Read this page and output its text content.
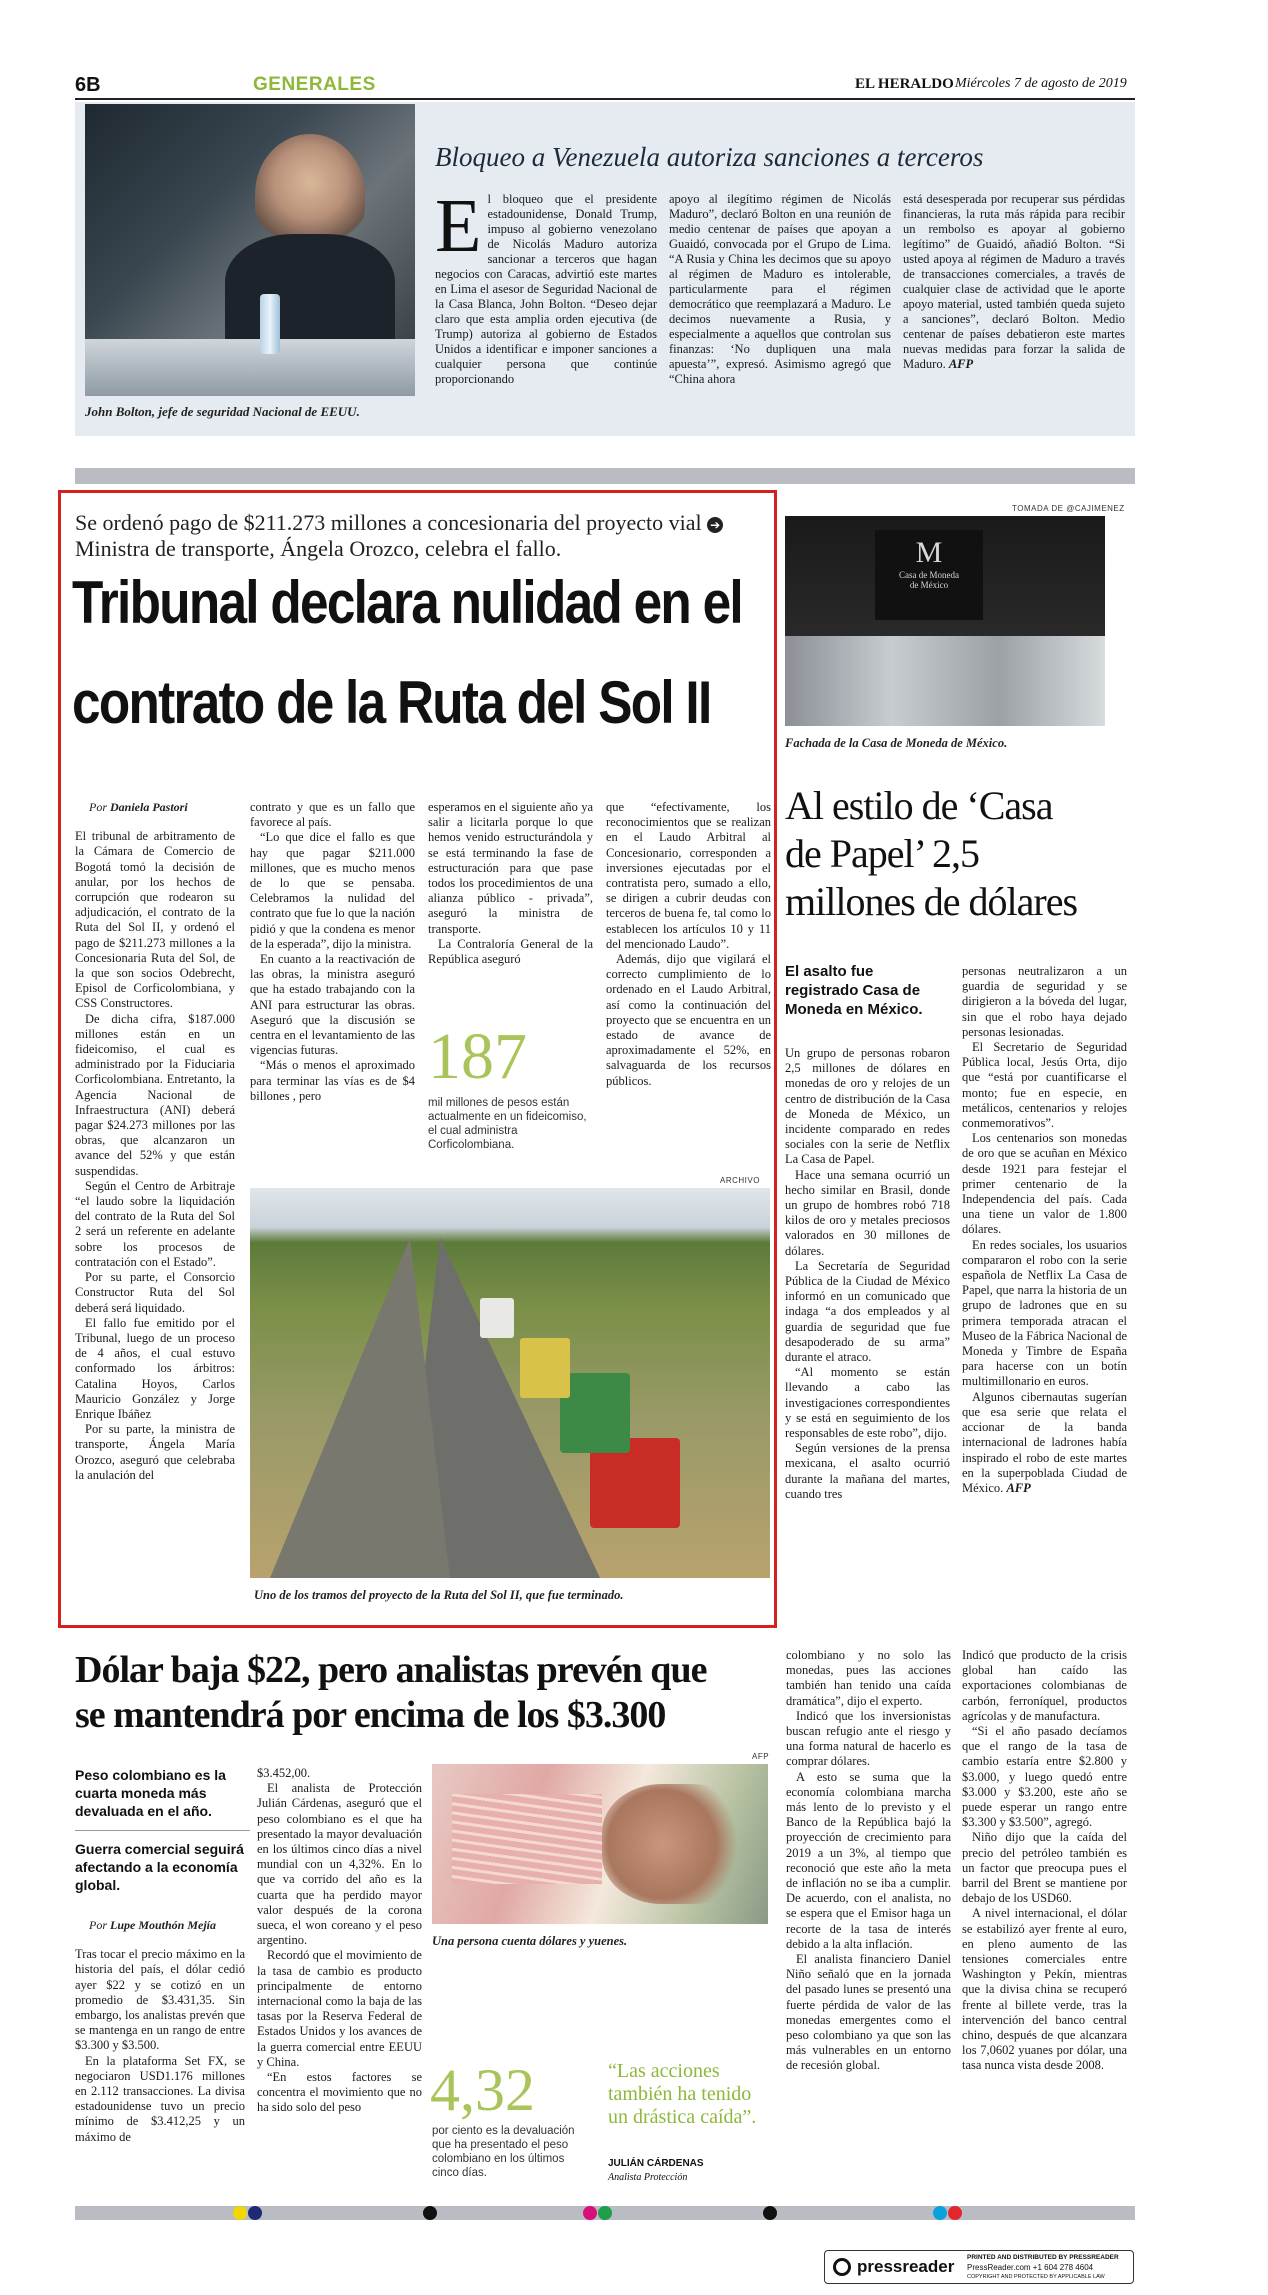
6B	GENERALES	EL HERALDO Miércoles 7 de agosto de 2019
John Bolton, jefe de seguridad Nacional de EEUU.
Bloqueo a Venezuela autoriza sanciones a terceros
El bloqueo que el presidente estadounidense, Donald Trump, impuso al gobierno venezolano de Nicolás Maduro autoriza sancionar a terceros que hagan negocios con Caracas, advirtió este martes en Lima el asesor de Seguridad Nacional de la Casa Blanca, John Bolton. “Deseo dejar claro que esta amplia orden ejecutiva (de Trump) autoriza al gobierno de Estados Unidos a identificar e imponer sanciones a cualquier persona que continúe proporcionando
apoyo al ilegítimo régimen de Nicolás Maduro”, declaró Bolton en una reunión de medio centenar de países que apoyan a Guaidó, convocada por el Grupo de Lima. “A Rusia y China les decimos que su apoyo al régimen de Maduro es intolerable, particularmente para el régimen democrático que reemplazará a Maduro. Le decimos nuevamente a Rusia, y especialmente a aquellos que controlan sus finanzas: ‘No dupliquen una mala apuesta’”, expresó. Asimismo agregó que “China ahora
está desesperada por recuperar sus pérdidas financieras, la ruta más rápida para recibir un rembolso es apoyar al gobierno legítimo” de Guaidó, añadió Bolton. “Si usted apoya al régimen de Maduro a través de transacciones comerciales, a través de cualquier clase de actividad que le aporte apoyo material, usted también queda sujeto a sanciones”, declaró Bolton. Medio centenar de países debatieron este martes nuevas medidas para forzar la salida de Maduro. AFP
Se ordenó pago de $211.273 millones a concesionaria del proyecto vial ➔ Ministra de transporte, Ángela Orozco, celebra el fallo.
Tribunal declara nulidad en el
contrato de la Ruta del Sol II
Por Daniela Pastori

El tribunal de arbitramento de la Cámara de Comercio de Bogotá tomó la decisión de anular, por los hechos de corrupción que rodearon su adjudicación, el contrato de la Ruta del Sol II, y ordenó el pago de $211.273 millones a la Concesionaria Ruta del Sol, de la que son socios Odebrecht, Episol de Corficolombiana, y CSS Constructores.

De dicha cifra, $187.000 millones están en un fideicomiso, el cual es administrado por la Fiduciaria Corficolombiana. Entretanto, la Agencia Nacional de Infraestructura (ANI) deberá pagar $24.273 millones por las obras, que alcanzaron un avance del 52% y que están suspendidas.

Según el Centro de Arbitraje “el laudo sobre la liquidación del contrato de la Ruta del Sol 2 será un referente en adelante sobre los procesos de contratación con el Estado”.

Por su parte, el Consorcio Constructor Ruta del Sol deberá será liquidado.

El fallo fue emitido por el Tribunal, luego de un proceso de 4 años, el cual estuvo conformado los árbitros: Catalina Hoyos, Carlos Mauricio González y Jorge Enrique Ibáñez

Por su parte, la ministra de transporte, Ángela María Orozco, aseguró que celebraba la anulación del

contrato y que es un fallo que favorece al país.

“Lo que dice el fallo es que hay que pagar $211.000 millones, que es mucho menos de lo que se pensaba. Celebramos la nulidad del contrato que fue lo que la nación pidió y que la condena es menor de la esperada”, dijo la ministra.

En cuanto a la reactivación de las obras, la ministra aseguró que ha estado trabajando con la ANI para estructurar las obras. Aseguró que la discusión se centra en el levantamiento de las vigencias futuras.

“Más o menos el aproximado para terminar las vías es de $4 billones , pero

esperamos en el siguiente año ya salir a licitarla porque lo que hemos venido estructurándola y se está terminando la fase de estructuración para que pase todos los procedimientos de una alianza público - privada”, aseguró la ministra de transporte.

La Contraloría General de la República aseguró

que “efectivamente, los reconocimientos que se realizan en el Laudo Arbitral al Concesionario, corresponden a inversiones ejecutadas por el contratista pero, sumado a ello, se dirigen a cubrir deudas con terceros de buena fe, tal como lo establecen los artículos 10 y 11 del mencionado Laudo”.

Además, dijo que vigilará el correcto cumplimiento de lo ordenado en el Laudo Arbitral, así como la continuación del proyecto que se encuentra en un estado de avance de aproximadamente el 52%, en salvaguarda de los recursos públicos.

187
mil millones de pesos están actualmente en un fideicomiso, el cual administra Corficolombiana.
ARCHIVO
Uno de los tramos del proyecto de la Ruta del Sol II, que fue terminado.
TOMADA DE @CAJIMENEZ
M
Casa de Moneda
de México
Fachada de la Casa de Moneda de México.
Al estilo de ‘Casa
de Papel’ 2,5
millones de dólares
El asalto fue registrado Casa de Moneda en México.

Un grupo de personas robaron 2,5 millones de dólares en monedas de oro y relojes de un centro de distribución de la Casa de Moneda de México, un incidente comparado en redes sociales con la serie de Netflix La Casa de Papel.

Hace una semana ocurrió un hecho similar en Brasil, donde un grupo de hombres robó 718 kilos de oro y metales preciosos valorados en 30 millones de dólares.

La Secretaría de Seguridad Pública de la Ciudad de México informó en un comunicado que indaga “a dos empleados y al guardia de seguridad que fue desapoderado de su arma” durante el atraco.

“Al momento se están llevando a cabo las investigaciones correspondientes y se está en seguimiento de los responsables de este robo”, dijo.

Según versiones de la prensa mexicana, el asalto ocurrió durante la mañana del martes, cuando tres

personas neutralizaron a un guardia de seguridad y se dirigieron a la bóveda del lugar, sin que el robo haya dejado personas lesionadas.

El Secretario de Seguridad Pública local, Jesús Orta, dijo que “está por cuantificarse el monto; fue en especie, en metálicos, centenarios y relojes conmemorativos”.

Los centenarios son monedas de oro que se acuñan en México desde 1921 para festejar el primer centenario de la Independencia del país. Cada una tiene un valor de 1.800 dólares.

En redes sociales, los usuarios compararon el robo con la serie española de Netflix La Casa de Papel, que narra la historia de un grupo de ladrones que en su primera temporada atracan el Museo de la Fábrica Nacional de Moneda y Timbre de España para hacerse con un botín multimillonario en euros.

Algunos cibernautas sugerían que esa serie que relata el accionar de la banda internacional de ladrones había inspirado el robo de este martes en la superpoblada Ciudad de México. AFP

Dólar baja $22, pero analistas prevén que
se mantendrá por encima de los $3.300
Peso colombiano es la cuarta moneda más devaluada en el año.
Guerra comercial seguirá afectando a la economía global.
Por Lupe Mouthón Mejía

Tras tocar el precio máximo en la historia del país, el dólar cedió ayer $22 y se cotizó en un promedio de $3.431,35. Sin embargo, los analistas prevén que se mantenga en un rango de entre $3.300 y $3.500.

En la plataforma Set FX, se negociaron USD1.176 millones en 2.112 transacciones. La divisa estadounidense tuvo un precio mínimo de $3.412,25 y un máximo de

$3.452,00.

El analista de Protección Julián Cárdenas, aseguró que el peso colombiano es el que ha presentado la mayor devaluación en los últimos cinco días a nivel mundial con un 4,32%. En lo que va corrido del año es la cuarta que ha perdido mayor valor después de la corona sueca, el won coreano y el peso argentino.

Recordó que el movimiento de la tasa de cambio es producto principalmente de entorno internacional como la baja de las tasas por la Reserva Federal de Estados Unidos y los avances de la guerra comercial entre EEUU y China.

“En estos factores se concentra el movimiento que no ha sido solo del peso

AFP
Una persona cuenta dólares y yuenes.
4,32
por ciento es la devaluación que ha presentado el peso colombiano en los últimos cinco días.
“Las acciones también ha tenido un drástica caída”.
JULIÁN CÁRDENAS
Analista Protección

colombiano y no solo las monedas, pues las acciones también han tenido una caída dramática”, dijo el experto.

Indicó que los inversionistas buscan refugio ante el riesgo y una forma natural de hacerlo es comprar dólares.

A esto se suma que la economía colombiana marcha más lento de lo previsto y el Banco de la República bajó la proyección de crecimiento para 2019 a un 3%, al tiempo que reconoció que este año la meta de inflación no se iba a cumplir. De acuerdo, con el analista, no se espera que el Emisor haga un recorte de la tasa de interés debido a la alta inflación.

El analista financiero Daniel Niño señaló que en la jornada del pasado lunes se presentó una fuerte pérdida de valor de las monedas emergentes como el peso colombiano ya que son las más vulnerables en un entorno de recesión global.

Indicó que producto de la crisis global han caído las exportaciones colombianas de carbón, ferroníquel, productos agrícolas y de manufactura.

“Si el año pasado decíamos que el rango de la tasa de cambio estaría entre $2.800 y $3.000, y luego quedó entre $3.000 y $3.200, este año se puede esperar un rango entre $3.300 y $3.500”, agregó.

Niño dijo que la caída del precio del petróleo también es un factor que preocupa pues el barril del Brent se mantiene por debajo de los USD60.

A nivel internacional, el dólar se estabilizó ayer frente al euro, en pleno aumento de las tensiones comerciales entre Washington y Pekín, mientras que la divisa china se recuperó frente al billete verde, tras la intervención del banco central chino, después de que alcanzara los 7,0602 yuanes por dólar, una tasa nunca vista desde 2008.

pressreader PRINTED AND DISTRIBUTED BY PRESSREADER
PressReader.com +1 604 278 4604
COPYRIGHT AND PROTECTED BY APPLICABLE LAW
